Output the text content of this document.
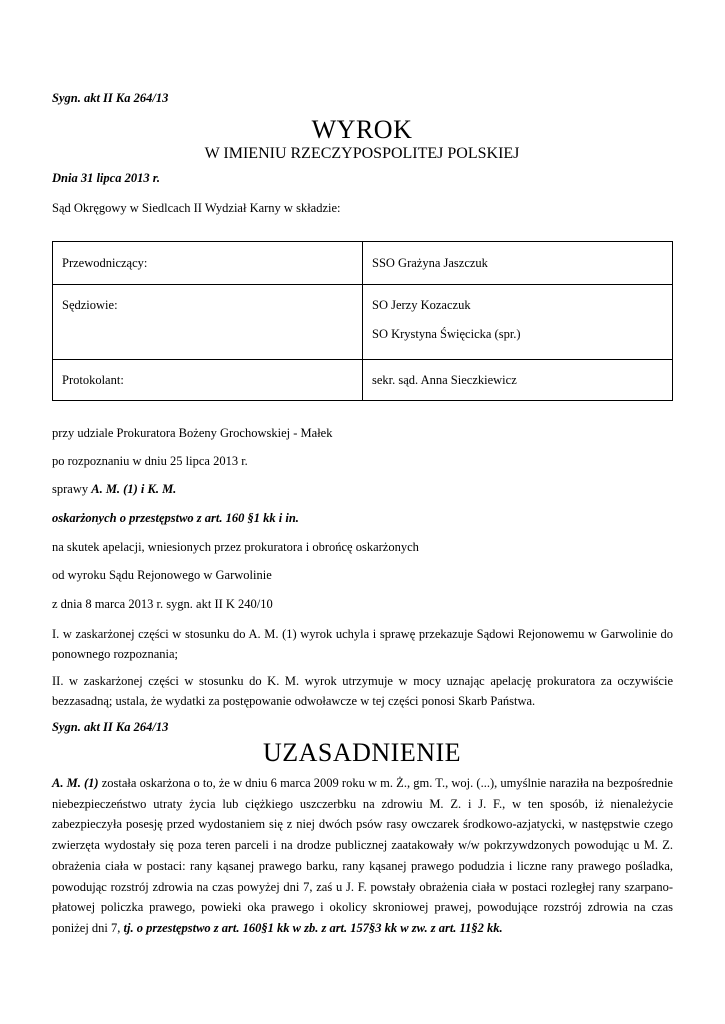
Sygn. akt II Ka 264/13
WYROK
W IMIENIU RZECZYPOSPOLITEJ POLSKIEJ
Dnia 31 lipca 2013 r.
Sąd Okręgowy w Siedlcach II Wydział Karny w składzie:
Przewodniczący:	SSO Grażyna Jaszczuk
Sędziowie:	SO Jerzy Kozaczuk
SO Krystyna Święcicka (spr.)

Protokolant:	sekr. sąd. Anna Sieczkiewicz
przy udziale Prokuratora Bożeny Grochowskiej - Małek
po rozpoznaniu w dniu 25 lipca 2013 r.
sprawy A. M. (1) i K. M.
oskarżonych o przestępstwo z art. 160 §1 kk i in.
na skutek apelacji, wniesionych przez prokuratora i obrońcę oskarżonych
od wyroku Sądu Rejonowego w Garwolinie
z dnia 8 marca 2013 r. sygn. akt II K 240/10
I. w zaskarżonej części w stosunku do A. M. (1) wyrok uchyla i sprawę przekazuje Sądowi Rejonowemu w Garwolinie do ponownego rozpoznania;
II. w zaskarżonej części w stosunku do K. M. wyrok utrzymuje w mocy uznając apelację prokuratora za oczywiście bezzasadną; ustala, że wydatki za postępowanie odwoławcze w tej części ponosi Skarb Państwa.
Sygn. akt II Ka 264/13
UZASADNIENIE
A. M. (1) została oskarżona o to, że w dniu 6 marca 2009 roku w m. Ż., gm. T., woj. (...), umyślnie naraziła na bezpośrednie niebezpieczeństwo utraty życia lub ciężkiego uszczerbku na zdrowiu M. Z. i J. F., w ten sposób, iż nienależycie zabezpieczyła posesję przed wydostaniem się z niej dwóch psów rasy owczarek środkowo-azjatycki, w następstwie czego zwierzęta wydostały się poza teren parceli i na drodze publicznej zaatakowały w/w pokrzywdzonych powodując u M. Z. obrażenia ciała w postaci: rany kąsanej prawego barku, rany kąsanej prawego podudzia i liczne rany prawego pośladka, powodując rozstrój zdrowia na czas powyżej dni 7, zaś u J. F. powstały obrażenia ciała w postaci rozległej rany szarpano-płatowej policzka prawego, powieki oka prawego i okolicy skroniowej prawej, powodujące rozstrój zdrowia na czas poniżej dni 7, tj. o przestępstwo z art. 160§1 kk w zb. z art. 157§3 kk w zw. z art. 11§2 kk.
